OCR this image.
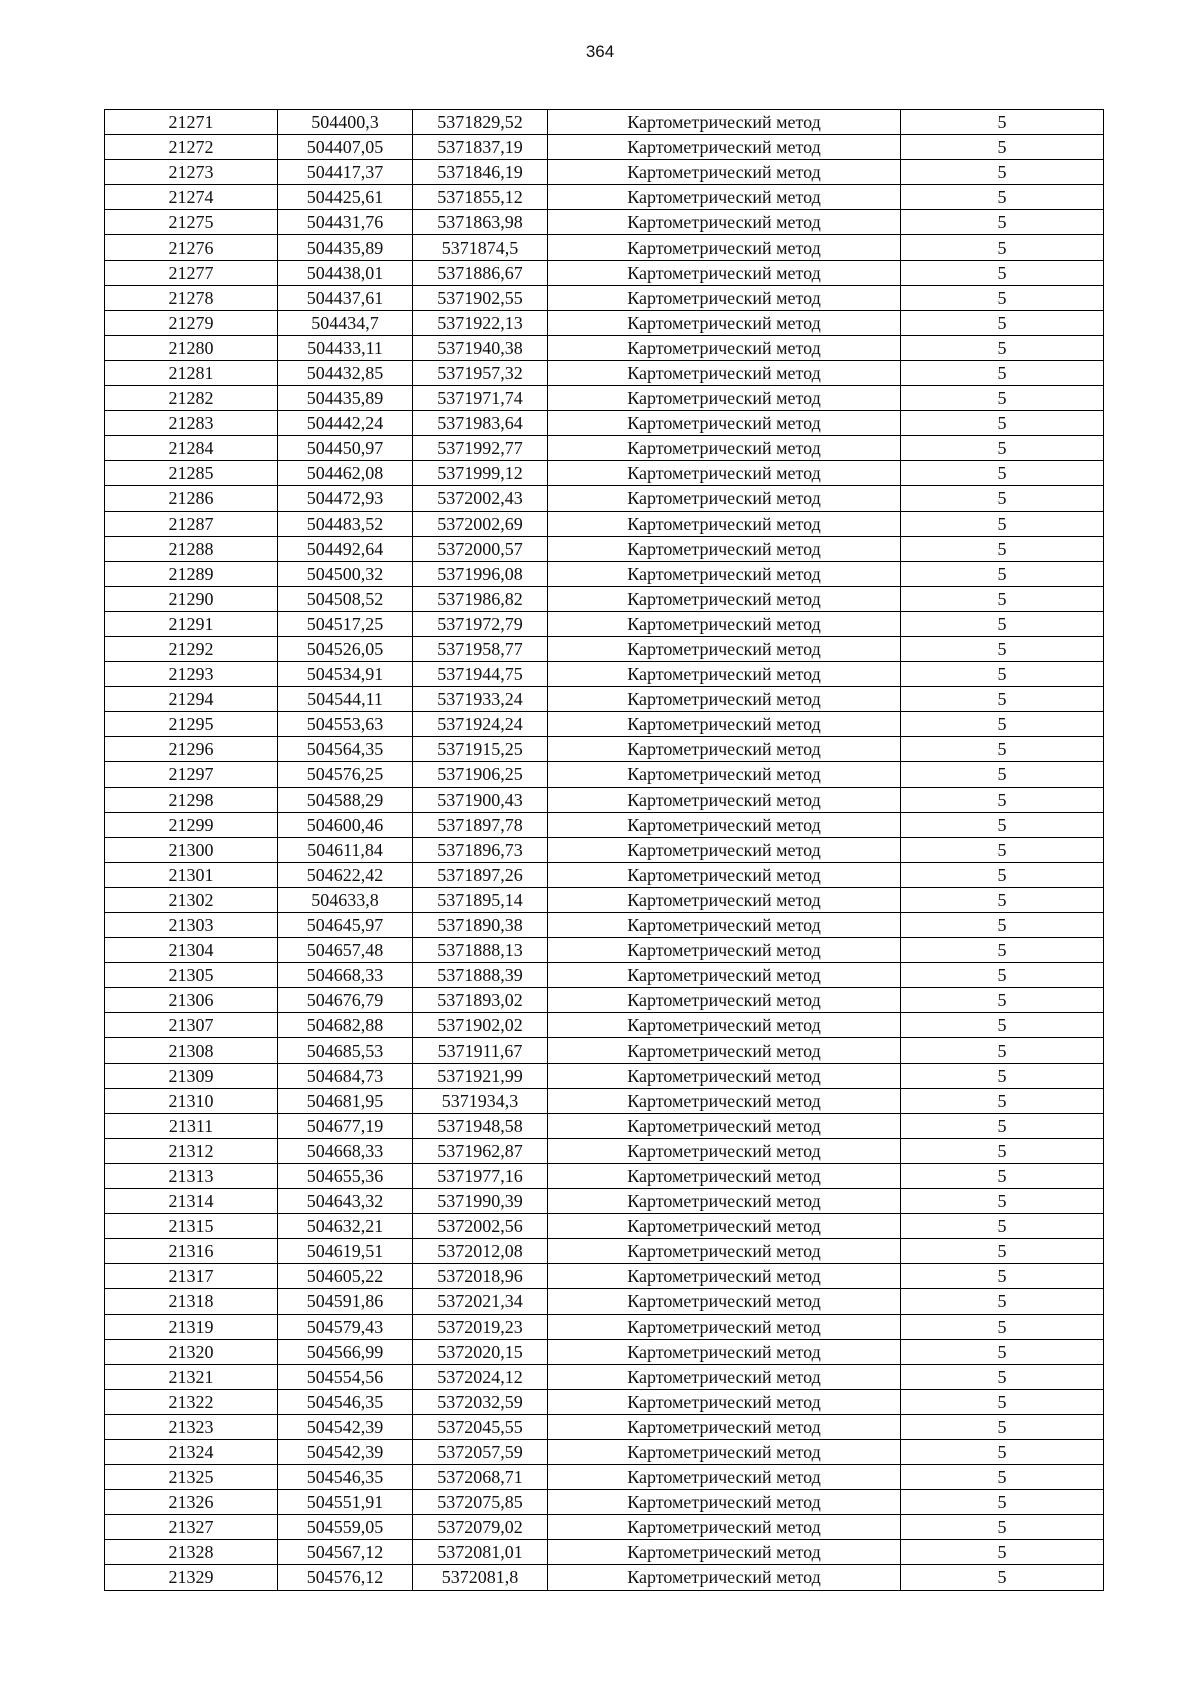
364
21271	504400,3	5371829,52	Картометрический метод	5
21272	504407,05	5371837,19	Картометрический метод	5
21273	504417,37	5371846,19	Картометрический метод	5
21274	504425,61	5371855,12	Картометрический метод	5
21275	504431,76	5371863,98	Картометрический метод	5
21276	504435,89	5371874,5	Картометрический метод	5
21277	504438,01	5371886,67	Картометрический метод	5
21278	504437,61	5371902,55	Картометрический метод	5
21279	504434,7	5371922,13	Картометрический метод	5
21280	504433,11	5371940,38	Картометрический метод	5
21281	504432,85	5371957,32	Картометрический метод	5
21282	504435,89	5371971,74	Картометрический метод	5
21283	504442,24	5371983,64	Картометрический метод	5
21284	504450,97	5371992,77	Картометрический метод	5
21285	504462,08	5371999,12	Картометрический метод	5
21286	504472,93	5372002,43	Картометрический метод	5
21287	504483,52	5372002,69	Картометрический метод	5
21288	504492,64	5372000,57	Картометрический метод	5
21289	504500,32	5371996,08	Картометрический метод	5
21290	504508,52	5371986,82	Картометрический метод	5
21291	504517,25	5371972,79	Картометрический метод	5
21292	504526,05	5371958,77	Картометрический метод	5
21293	504534,91	5371944,75	Картометрический метод	5
21294	504544,11	5371933,24	Картометрический метод	5
21295	504553,63	5371924,24	Картометрический метод	5
21296	504564,35	5371915,25	Картометрический метод	5
21297	504576,25	5371906,25	Картометрический метод	5
21298	504588,29	5371900,43	Картометрический метод	5
21299	504600,46	5371897,78	Картометрический метод	5
21300	504611,84	5371896,73	Картометрический метод	5
21301	504622,42	5371897,26	Картометрический метод	5
21302	504633,8	5371895,14	Картометрический метод	5
21303	504645,97	5371890,38	Картометрический метод	5
21304	504657,48	5371888,13	Картометрический метод	5
21305	504668,33	5371888,39	Картометрический метод	5
21306	504676,79	5371893,02	Картометрический метод	5
21307	504682,88	5371902,02	Картометрический метод	5
21308	504685,53	5371911,67	Картометрический метод	5
21309	504684,73	5371921,99	Картометрический метод	5
21310	504681,95	5371934,3	Картометрический метод	5
21311	504677,19	5371948,58	Картометрический метод	5
21312	504668,33	5371962,87	Картометрический метод	5
21313	504655,36	5371977,16	Картометрический метод	5
21314	504643,32	5371990,39	Картометрический метод	5
21315	504632,21	5372002,56	Картометрический метод	5
21316	504619,51	5372012,08	Картометрический метод	5
21317	504605,22	5372018,96	Картометрический метод	5
21318	504591,86	5372021,34	Картометрический метод	5
21319	504579,43	5372019,23	Картометрический метод	5
21320	504566,99	5372020,15	Картометрический метод	5
21321	504554,56	5372024,12	Картометрический метод	5
21322	504546,35	5372032,59	Картометрический метод	5
21323	504542,39	5372045,55	Картометрический метод	5
21324	504542,39	5372057,59	Картометрический метод	5
21325	504546,35	5372068,71	Картометрический метод	5
21326	504551,91	5372075,85	Картометрический метод	5
21327	504559,05	5372079,02	Картометрический метод	5
21328	504567,12	5372081,01	Картометрический метод	5
21329	504576,12	5372081,8	Картометрический метод	5
